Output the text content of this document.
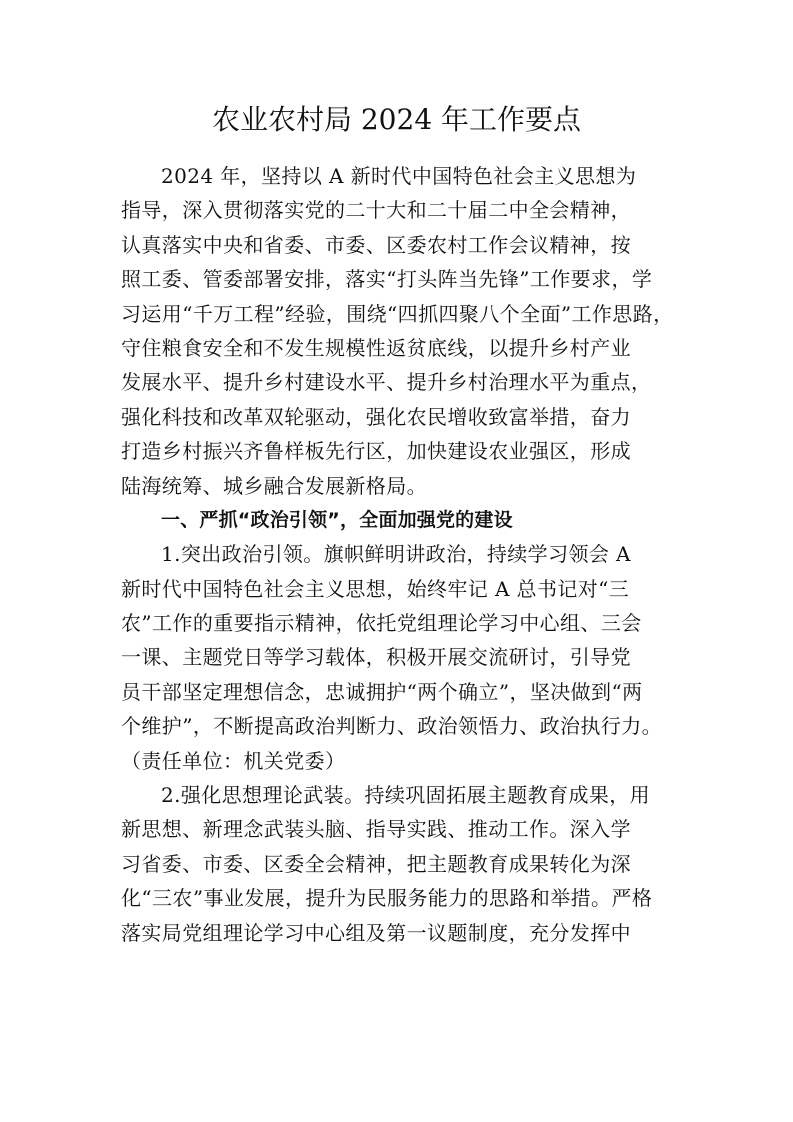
农业农村局 2024 年工作要点
2024 年，坚持以 A 新时代中国特色社会主义思想为
指导，深入贯彻落实党的二十大和二十届二中全会精神，
认真落实中央和省委、市委、区委农村工作会议精神，按
照工委、管委部署安排，落实“打头阵当先锋”工作要求，学
习运用“千万工程”经验，围绕“四抓四聚八个全面”工作思路，
守住粮食安全和不发生规模性返贫底线，以提升乡村产业
发展水平、提升乡村建设水平、提升乡村治理水平为重点，
强化科技和改革双轮驱动，强化农民增收致富举措，奋力
打造乡村振兴齐鲁样板先行区，加快建设农业强区，形成
陆海统筹、城乡融合发展新格局。
一、严抓“政治引领”，全面加强党的建设
1.突出政治引领。旗帜鲜明讲政治，持续学习领会 A
新时代中国特色社会主义思想，始终牢记 A 总书记对“三
农”工作的重要指示精神，依托党组理论学习中心组、三会
一课、主题党日等学习载体，积极开展交流研讨，引导党
员干部坚定理想信念，忠诚拥护“两个确立”，坚决做到“两
个维护”，不断提高政治判断力、政治领悟力、政治执行力。
（责任单位：机关党委）
2.强化思想理论武装。持续巩固拓展主题教育成果，用
新思想、新理念武装头脑、指导实践、推动工作。深入学
习省委、市委、区委全会精神，把主题教育成果转化为深
化“三农”事业发展，提升为民服务能力的思路和举措。严格
落实局党组理论学习中心组及第一议题制度，充分发挥中
